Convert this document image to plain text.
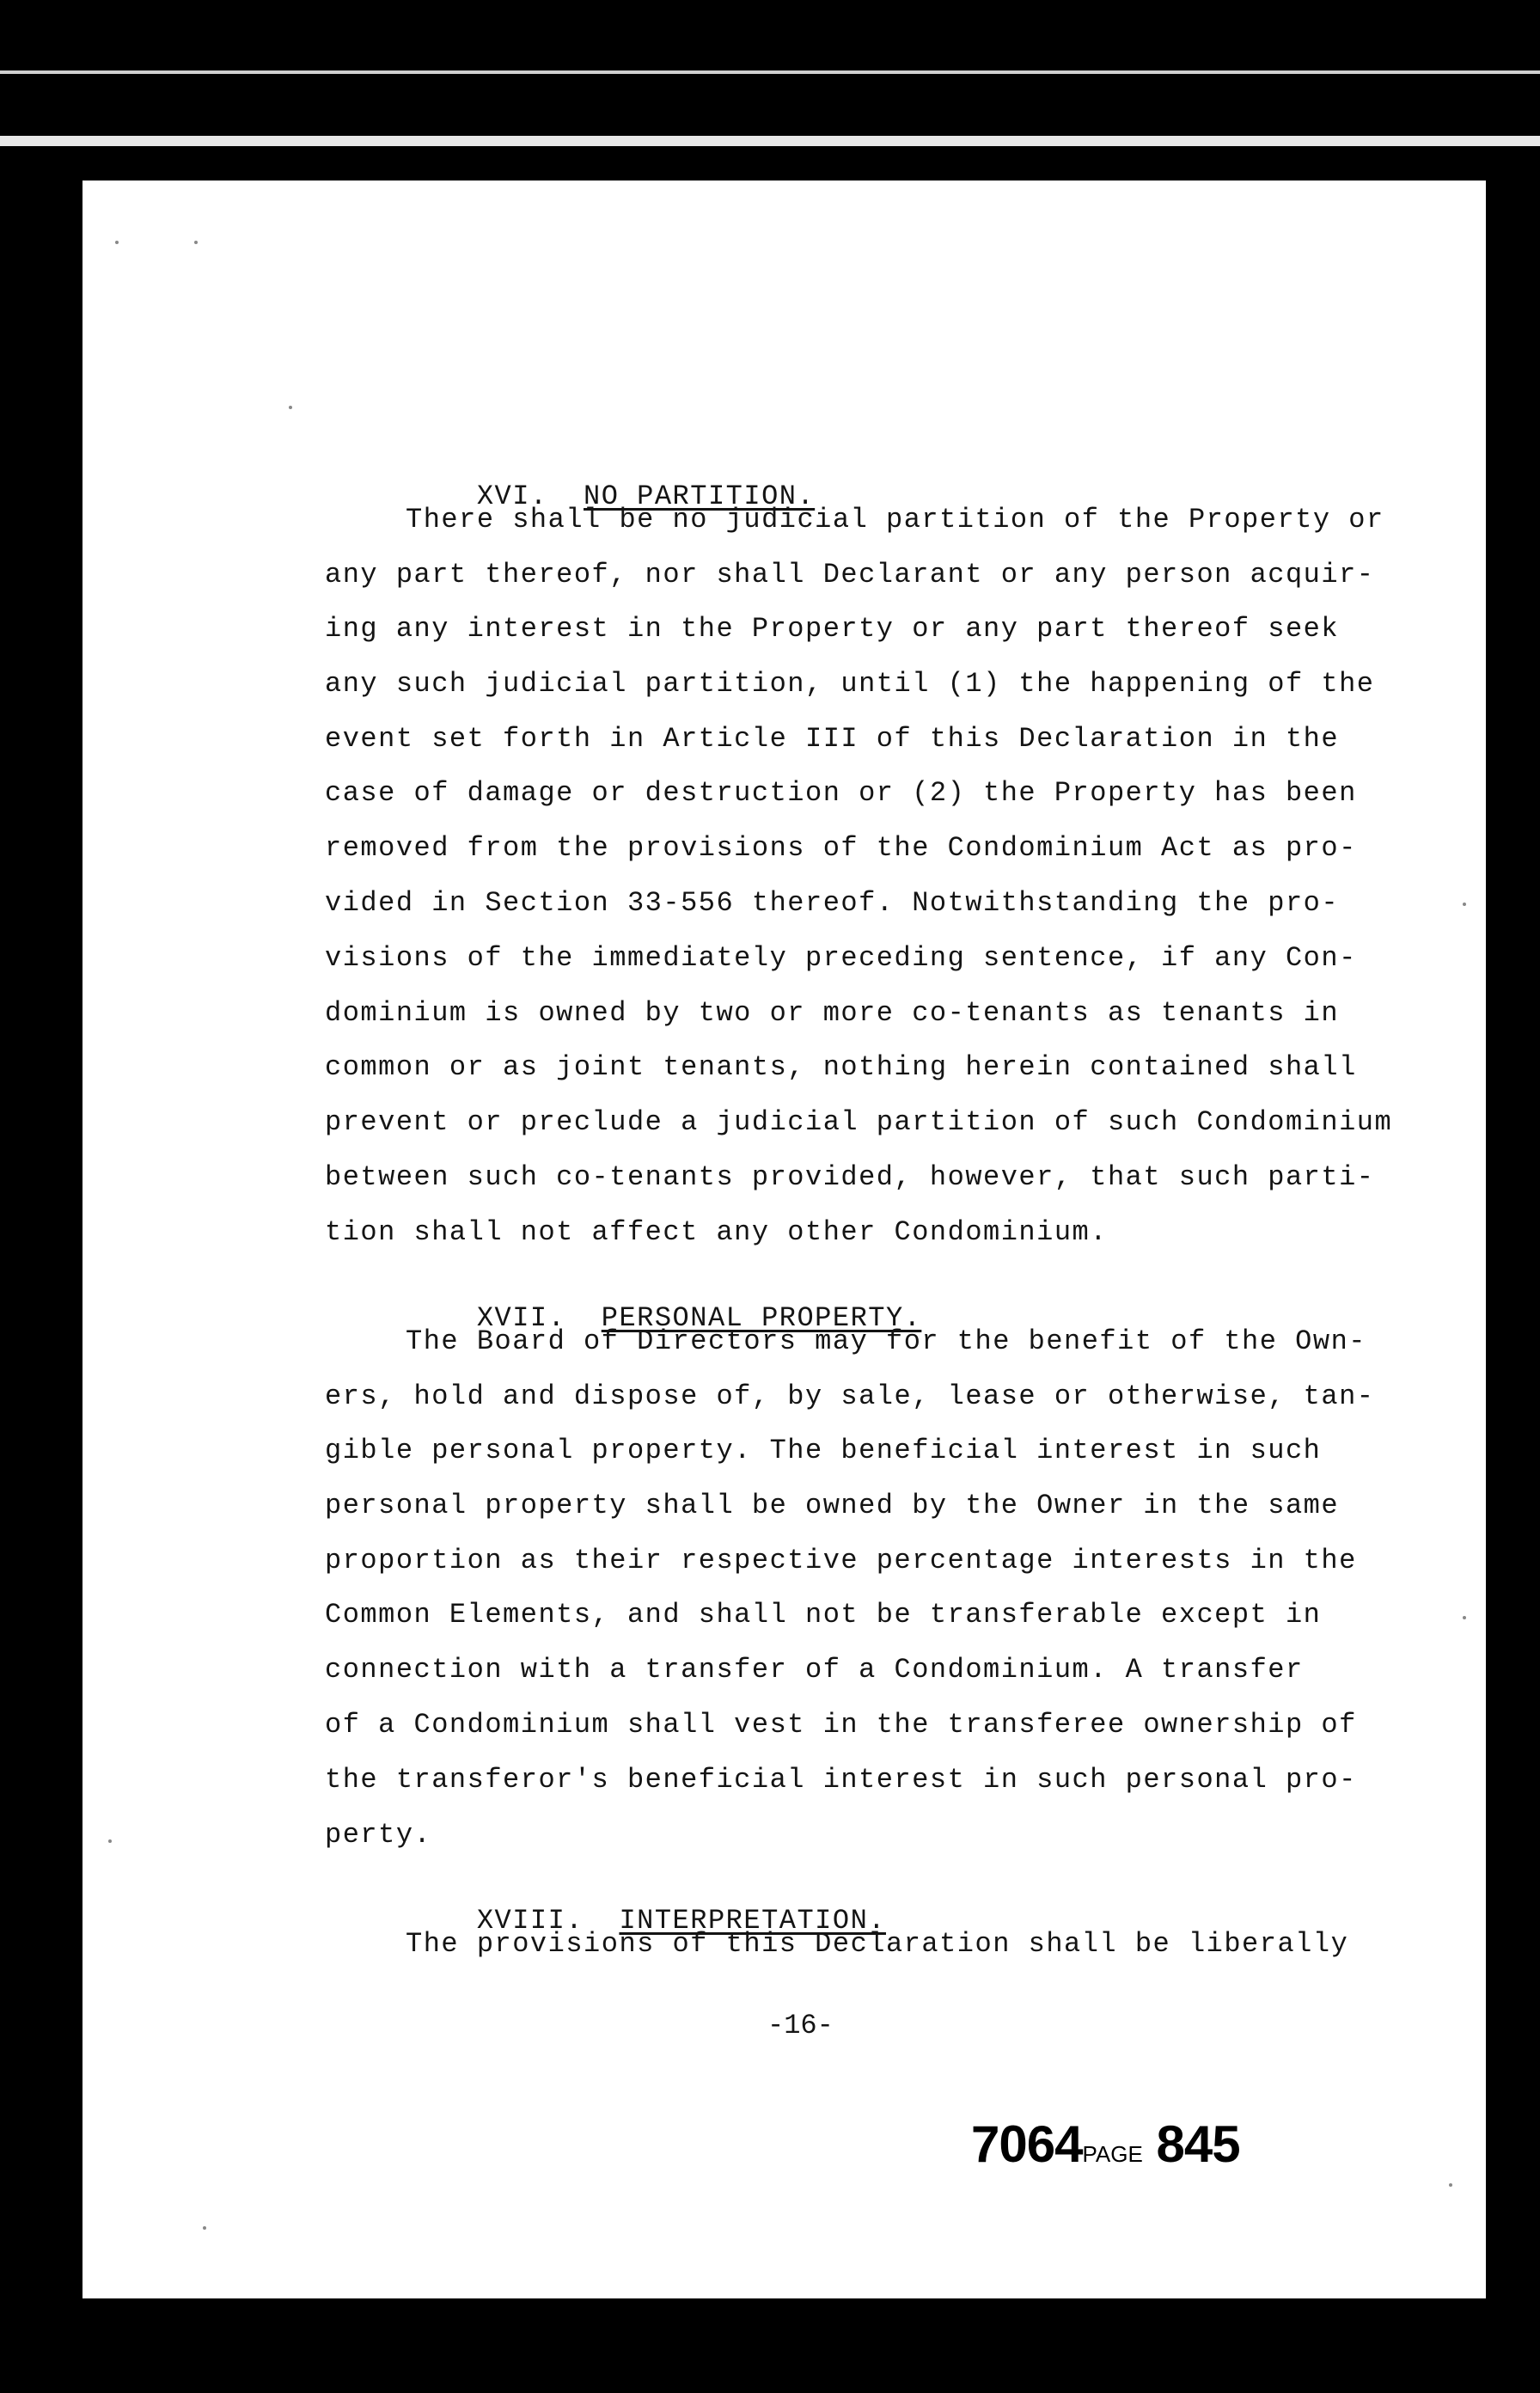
XVI. NO PARTITION.

There shall be no judicial partition of the Property or
any part thereof, nor shall Declarant or any person acquir-
ing any interest in the Property or any part thereof seek
any such judicial partition, until (1) the happening of the
event set forth in Article III of this Declaration in the
case of damage or destruction or (2) the Property has been
removed from the provisions of the Condominium Act as pro-
vided in Section 33-556 thereof. Notwithstanding the pro-
visions of the immediately preceding sentence, if any Con-
dominium is owned by two or more co-tenants as tenants in
common or as joint tenants, nothing herein contained shall
prevent or preclude a judicial partition of such Condominium
between such co-tenants provided, however, that such parti-
tion shall not affect any other Condominium.

XVII. PERSONAL PROPERTY.

The Board of Directors may for the benefit of the Own-
ers, hold and dispose of, by sale, lease or otherwise, tan-
gible personal property. The beneficial interest in such
personal property shall be owned by the Owner in the same
proportion as their respective percentage interests in the
Common Elements, and shall not be transferable except in
connection with a transfer of a Condominium. A transfer
of a Condominium shall vest in the transferee ownership of
the transferor's beneficial interest in such personal pro-
perty.

XVIII. INTERPRETATION.

The provisions of this Declaration shall be liberally
-16-
7064PAGE 845
